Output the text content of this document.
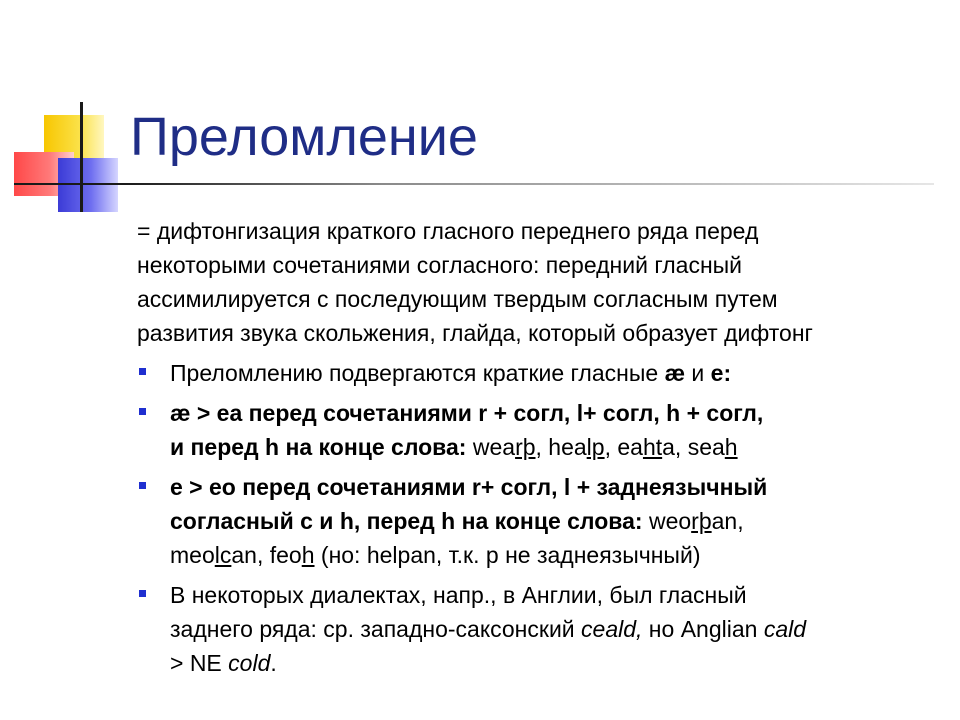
Преломление

= дифтонгизация краткого гласного переднего ряда перед
некоторыми сочетаниями согласного: передний гласный
ассимилируется с последующим твердым согласным путем
развития звука скольжения, глайда, который образует дифтонг

Преломлению подвергаются краткие гласные æ и е:
æ > ea перед сочетаниями r + согл, l+ согл, h + согл,
и перед h на конце слова: wearþ, healp, eahta, seah
e > eo перед сочетаниями r+ согл, l + заднеязычный
согласный с и h, перед h на конце слова: weorþan,
meolcan, feoh (но: helpan, т.к. p не заднеязычный)
В некоторых диалектах, напр., в Англии, был гласный
заднего ряда: ср. западно-саксонский ceald, но Anglian cald
> NE cold.
